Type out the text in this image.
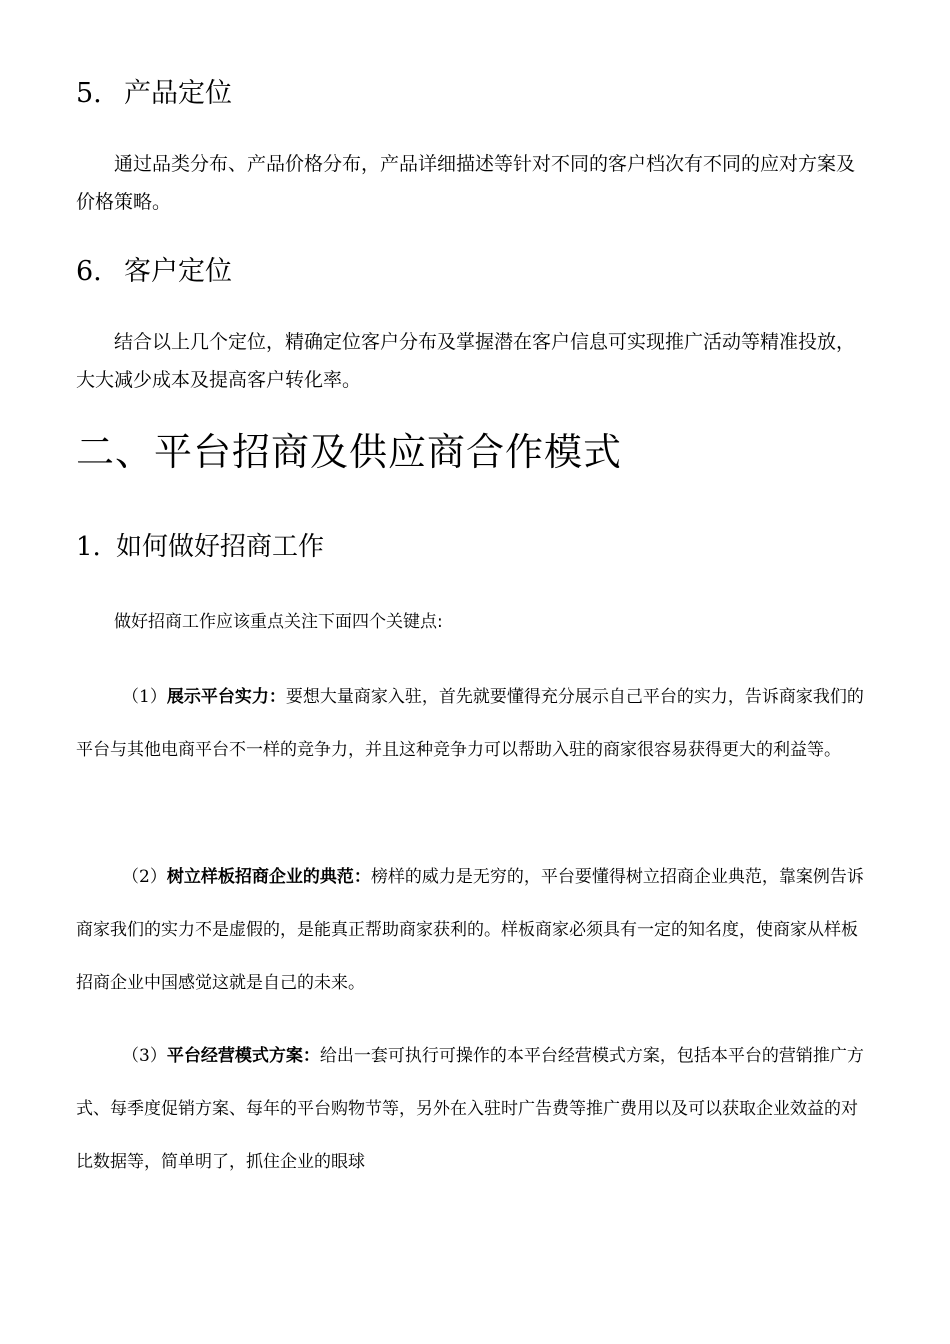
5. 产品定位
通过品类分布、产品价格分布，产品详细描述等针对不同的客户档次有不同的应对方案及价格策略。
6. 客户定位
结合以上几个定位，精确定位客户分布及掌握潜在客户信息可实现推广活动等精准投放，大大减少成本及提高客户转化率。
二、平台招商及供应商合作模式
1. 如何做好招商工作
做好招商工作应该重点关注下面四个关键点:
（1）展示平台实力：要想大量商家入驻，首先就要懂得充分展示自己平台的实力，告诉商家我们的平台与其他电商平台不一样的竞争力，并且这种竞争力可以帮助入驻的商家很容易获得更大的利益等。
（2）树立样板招商企业的典范：榜样的威力是无穷的，平台要懂得树立招商企业典范，靠案例告诉商家我们的实力不是虚假的，是能真正帮助商家获利的。样板商家必须具有一定的知名度，使商家从样板招商企业中国感觉这就是自己的未来。
（3）平台经营模式方案：给出一套可执行可操作的本平台经营模式方案，包括本平台的营销推广方式、每季度促销方案、每年的平台购物节等，另外在入驻时广告费等推广费用以及可以获取企业效益的对比数据等，简单明了，抓住企业的眼球
